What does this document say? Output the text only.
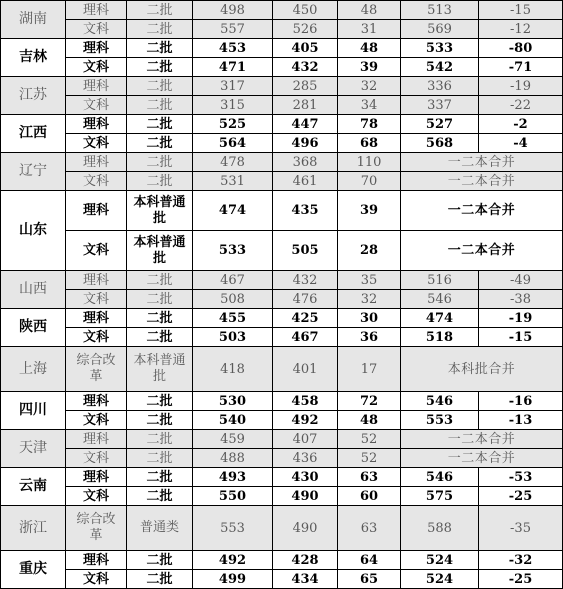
湖南	理科	二批	498	450	48	513	-15
	文科	二批	557	526	31	569	-12
吉林	理科	二批	453	405	48	533	-80
	文科	二批	471	432	39	542	-71
江苏	理科	二批	317	285	32	336	-19
	文科	二批	315	281	34	337	-22
江西	理科	二批	525	447	78	527	-2
	文科	二批	564	496	68	568	-4
辽宁	理科	二批	478	368	110	一二本合并	
	文科	二批	531	461	70	一二本合并	
山东	理科	本科普通批	474	435	39	一二本合并	
	文科	本科普通批	533	505	28	一二本合并	
山西	理科	二批	467	432	35	516	-49
	文科	二批	508	476	32	546	-38
陕西	理科	二批	455	425	30	474	-19
	文科	二批	503	467	36	518	-15
上海	综合改革	本科普通批	418	401	17	本科批合并	
四川	理科	二批	530	458	72	546	-16
	文科	二批	540	492	48	553	-13
天津	理科	二批	459	407	52	一二本合并	
	文科	二批	488	436	52	一二本合并	
云南	理科	二批	493	430	63	546	-53
	文科	二批	550	490	60	575	-25
浙江	综合改革	普通类	553	490	63	588	-35
重庆	理科	二批	492	428	64	524	-32
	文科	二批	499	434	65	524	-25
